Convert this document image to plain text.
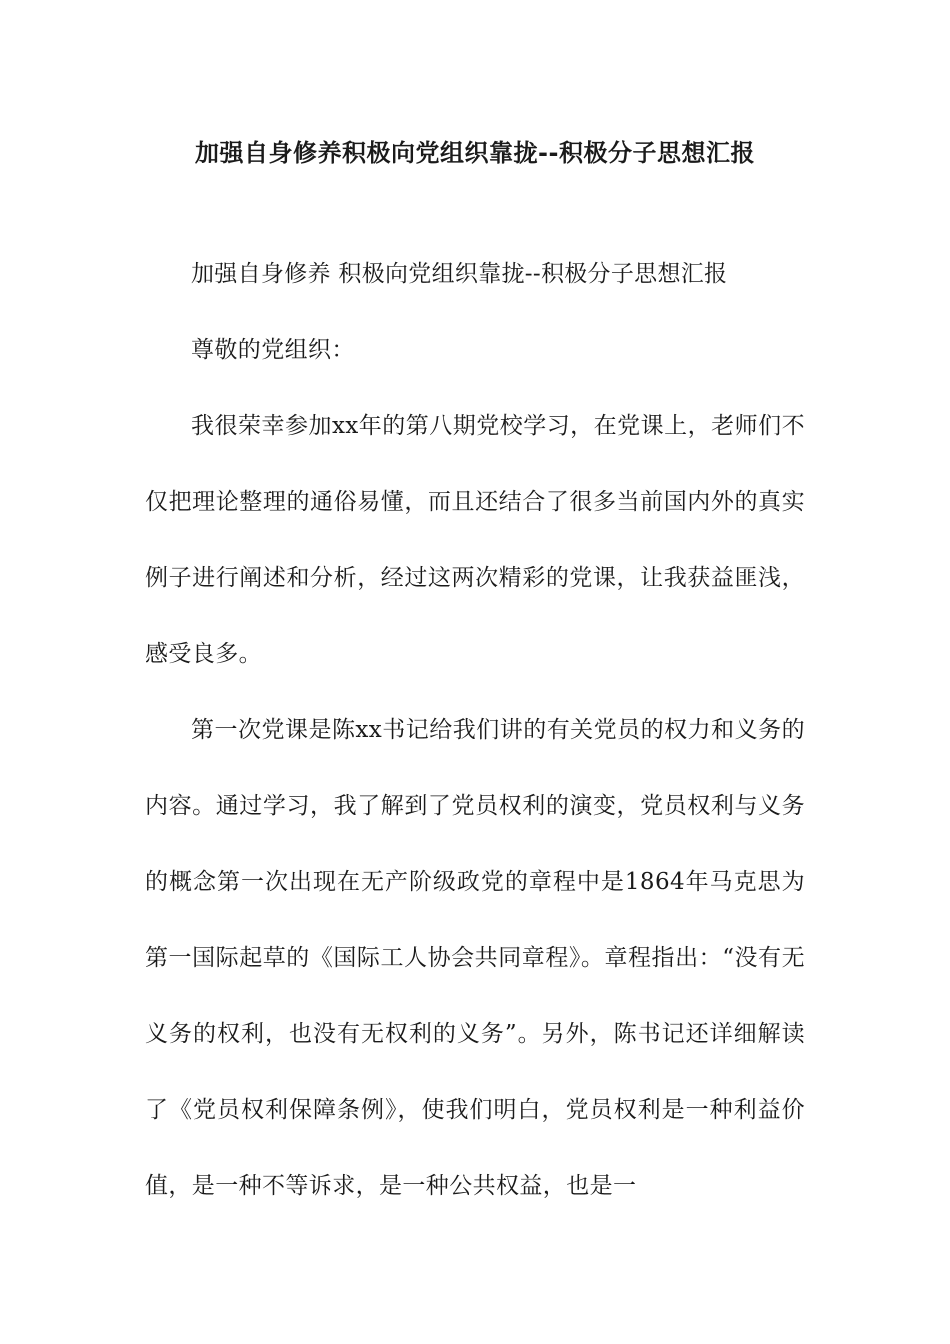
加强自身修养积极向党组织靠拢--积极分子思想汇报

加强自身修养 积极向党组织靠拢--积极分子思想汇报

尊敬的党组织：

我很荣幸参加xx年的第八期党校学习，在党课上，老师们不仅把理论整理的通俗易懂，而且还结合了很多当前国内外的真实例子进行阐述和分析，经过这两次精彩的党课，让我获益匪浅，感受良多。

第一次党课是陈xx书记给我们讲的有关党员的权力和义务的内容。通过学习，我了解到了党员权利的演变，党员权利与义务的概念第一次出现在无产阶级政党的章程中是1864年马克思为第一国际起草的《国际工人协会共同章程》。章程指出：“没有无义务的权利，也没有无权利的义务”。另外，陈书记还详细解读了《党员权利保障条例》，使我们明白，党员权利是一种利益价值，是一种不等诉求，是一种公共权益，也是一
